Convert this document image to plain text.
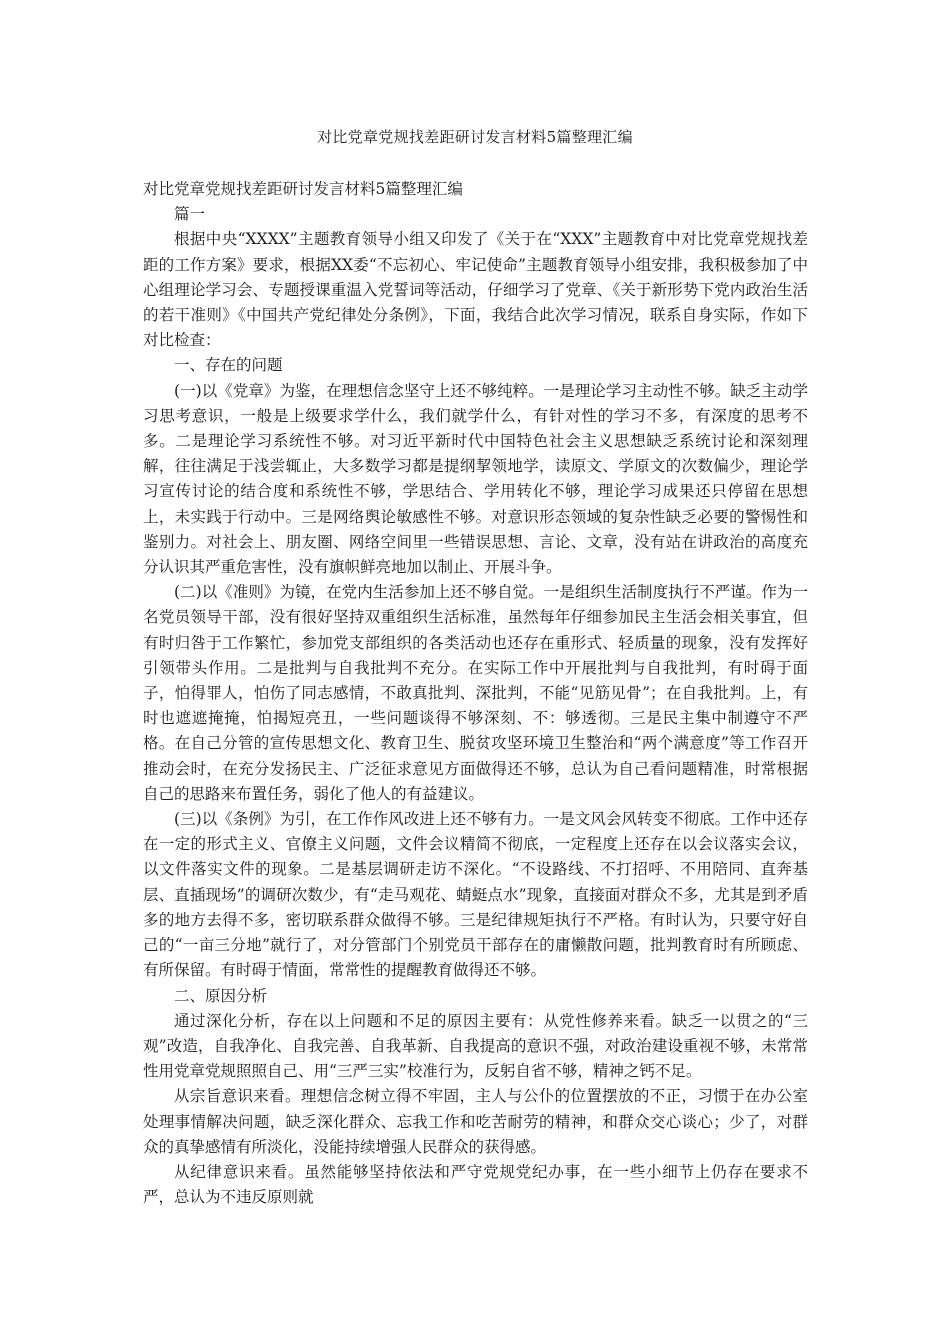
对比党章党规找差距研讨发言材料5篇整理汇编

对比党章党规找差距研讨发言材料5篇整理汇编

篇一

根据中央“XXXX”主题教育领导小组又印发了《关于在“XXX”主题教育中对比党章党规找差距的工作方案》要求，根据XX委“不忘初心、牢记使命”主题教育领导小组安排，我积极参加了中心组理论学习会、专题授课重温入党誓词等活动，仔细学习了党章、《关于新形势下党内政治生活的若干准则》《中国共产党纪律处分条例》，下面，我结合此次学习情况，联系自身实际，作如下对比检查：

一、存在的问题

(一)以《党章》为鉴，在理想信念坚守上还不够纯粹。一是理论学习主动性不够。缺乏主动学习思考意识，一般是上级要求学什么，我们就学什么，有针对性的学习不多，有深度的思考不多。二是理论学习系统性不够。对习近平新时代中国特色社会主义思想缺乏系统讨论和深刻理解，往往满足于浅尝辄止，大多数学习都是提纲挈领地学，读原文、学原文的次数偏少，理论学习宣传讨论的结合度和系统性不够，学思结合、学用转化不够，理论学习成果还只停留在思想上，未实践于行动中。三是网络舆论敏感性不够。对意识形态领域的复杂性缺乏必要的警惕性和鉴别力。对社会上、朋友圈、网络空间里一些错误思想、言论、文章，没有站在讲政治的高度充分认识其严重危害性，没有旗帜鲜亮地加以制止、开展斗争。

(二)以《准则》为镜，在党内生活参加上还不够自觉。一是组织生活制度执行不严谨。作为一名党员领导干部，没有很好坚持双重组织生活标准，虽然每年仔细参加民主生活会相关事宜，但有时归咎于工作繁忙，参加党支部组织的各类活动也还存在重形式、轻质量的现象，没有发挥好引领带头作用。二是批判与自我批判不充分。在实际工作中开展批判与自我批判，有时碍于面子，怕得罪人，怕伤了同志感情，不敢真批判、深批判，不能“见筋见骨”；在自我批判。上，有时也遮遮掩掩，怕揭短亮丑，一些问题谈得不够深刻、不：够透彻。三是民主集中制遵守不严格。在自己分管的宣传思想文化、教育卫生、脱贫攻坚环境卫生整治和“两个满意度”等工作召开推动会时，在充分发扬民主、广泛征求意见方面做得还不够，总认为自己看问题精准，时常根据自己的思路来布置任务，弱化了他人的有益建议。

(三)以《条例》为引，在工作作风改进上还不够有力。一是文风会风转变不彻底。工作中还存在一定的形式主义、官僚主义问题，文件会议精简不彻底，一定程度上还存在以会议落实会议，以文件落实文件的现象。二是基层调研走访不深化。“不设路线、不打招呼、不用陪同、直奔基层、直插现场”的调研次数少，有“走马观花、蜻蜓点水”现象，直接面对群众不多，尤其是到矛盾多的地方去得不多，密切联系群众做得不够。三是纪律规矩执行不严格。有时认为，只要守好自己的“一亩三分地”就行了，对分管部门个别党员干部存在的庸懒散问题，批判教育时有所顾虑、有所保留。有时碍于情面，常常性的提醒教育做得还不够。

二、原因分析

通过深化分析，存在以上问题和不足的原因主要有：从党性修养来看。缺乏一以贯之的“三观”改造，自我净化、自我完善、自我革新、自我提高的意识不强，对政治建设重视不够，未常常性用党章党规照照自己、用“三严三实”校准行为，反躬自省不够，精神之钙不足。

从宗旨意识来看。理想信念树立得不牢固，主人与公仆的位置摆放的不正，习惯于在办公室处理事情解决问题，缺乏深化群众、忘我工作和吃苦耐劳的精神，和群众交心谈心；少了，对群众的真挚感情有所淡化，没能持续增强人民群众的获得感。

从纪律意识来看。虽然能够坚持依法和严守党规党纪办事，在一些小细节上仍存在要求不严，总认为不违反原则就
